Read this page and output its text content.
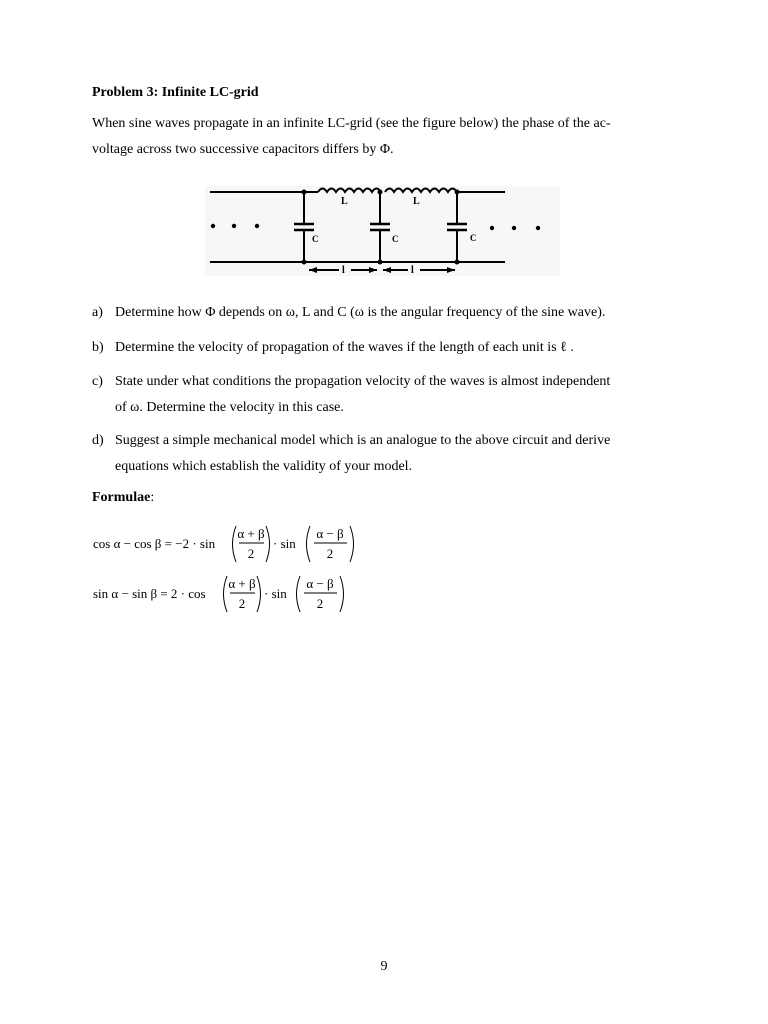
Problem 3: Infinite LC-grid
When sine waves propagate in an infinite LC-grid (see the figure below) the phase of the ac-
voltage across two successive capacitors differs by Φ.
L	L
C	C	C
l	l
a) Determine how Φ depends on ω, L and C (ω is the angular frequency of the sine wave).
b) Determine the velocity of propagation of the waves if the length of each unit is ℓ .
c) State under what conditions the propagation velocity of the waves is almost independent
of ω. Determine the velocity in this case.
d) Suggest a simple mechanical model which is an analogue to the above circuit and derive
equations which establish the validity of your model.
Formulae:
cos α − cos β = −2 · sin
α + β
2
· sin
α − β
2
sin α − sin β = 2 · cos
α + β
2
· sin
α − β
2
9
